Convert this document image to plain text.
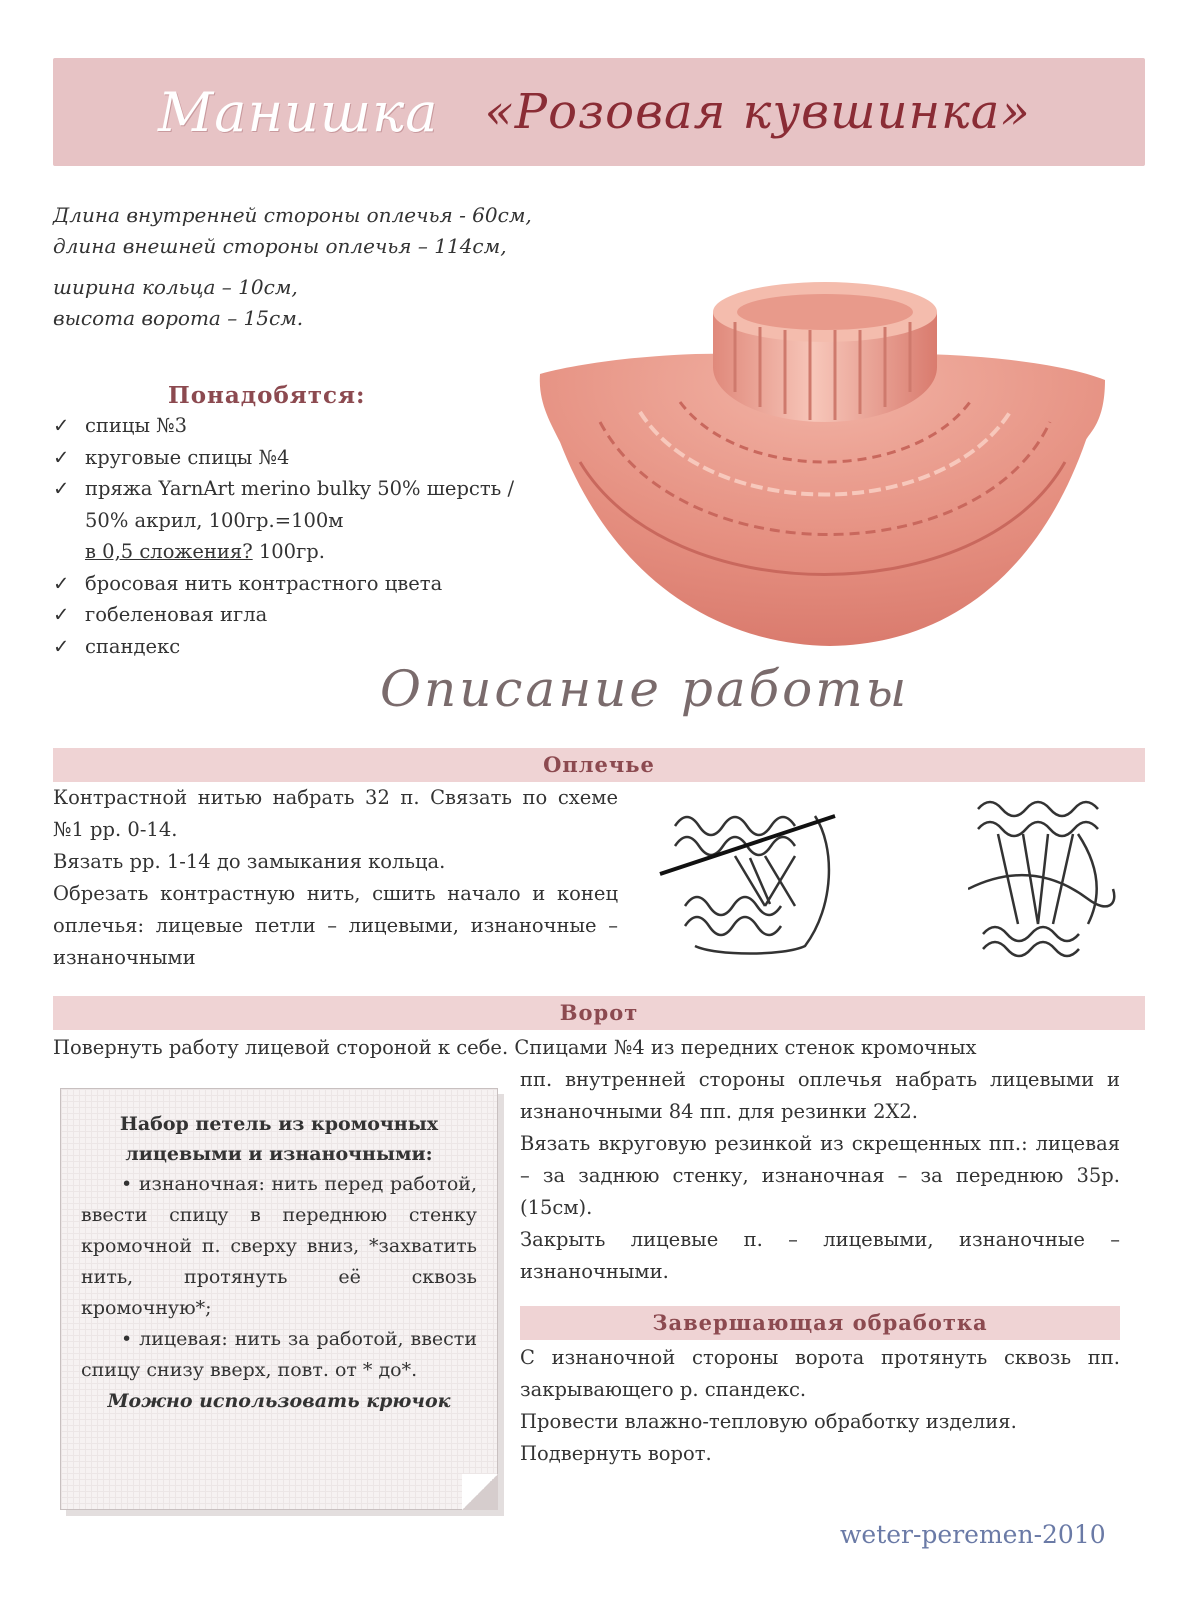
Манишка «Розовая кувшинка»
Длина внутренней стороны оплечья - 60см,
длина внешней стороны оплечья – 114см,
ширина кольца – 10см,
высота ворота – 15см.
Понадобятся:
✓ спицы №3
✓ круговые спицы №4
✓ пряжа YarnArt merino bulky 50% шерсть / 50% акрил, 100гр.=100м
в 0,5 сложения? 100гр.
✓ бросовая нить контрастного цвета
✓ гобеленовая игла
✓ спандекс
Описание работы
Оплечье
Контрастной нитью набрать 32 п. Связать по схеме №1 рр. 0-14.
Вязать рр. 1-14 до замыкания кольца.
Обрезать контрастную нить, сшить начало и конец оплечья: лицевые петли – лицевыми, изнаночные – изнаночными
Ворот
Повернуть работу лицевой стороной к себе. Спицами №4 из передних стенок кромочных
пп. внутренней стороны оплечья набрать лицевыми и изнаночными 84 пп. для резинки 2Х2.
Вязать вкруговую резинкой из скрещенных пп.: лицевая – за заднюю стенку, изнаночная – за переднюю 35р. (15см).
Закрыть лицевые п. – лицевыми, изнаночные – изнаночными.
Набор петель из кромочных лицевыми и изнаночными:
• изнаночная: нить перед работой, ввести спицу в переднюю стенку кромочной п. сверху вниз, *захватить нить, протянуть её сквозь кромочную*;
• лицевая: нить за работой, ввести спицу снизу вверх, повт. от * до*.
Можно использовать крючок
Завершающая обработка
С изнаночной стороны ворота протянуть сквозь пп. закрывающего р. спандекс.
Провести влажно-тепловую обработку изделия.
Подвернуть ворот.
weter-peremen-2010
